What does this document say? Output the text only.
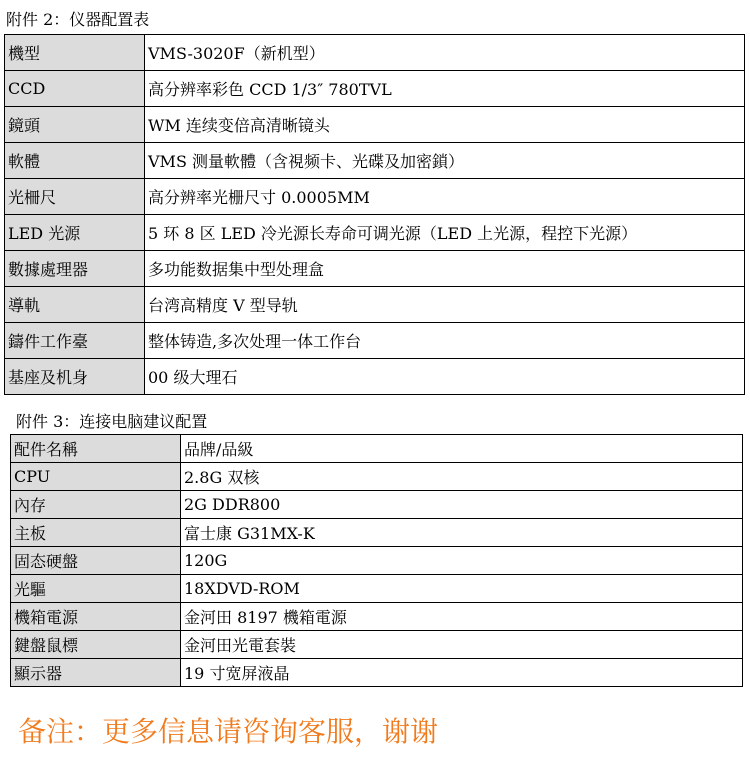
附件 2：仪器配置表
機型	VMS-3020F（新机型）
CCD	高分辨率彩色 CCD 1/3″ 780TVL
鏡頭	WM 连续变倍高清晰镜头
軟體	VMS 测量軟體（含視频卡、光碟及加密鎖）
光柵尺	高分辨率光栅尺寸 0.0005MM
LED 光源	5 环 8 区 LED 冷光源长寿命可调光源（LED 上光源，程控下光源）
數據處理器	多功能数据集中型处理盒
導軌	台湾高精度 V 型导轨
鑄件工作臺	整体铸造,多次处理一体工作台
基座及机身	00 级大理石
附件 3：连接电脑建议配置
配件名稱	品牌/品級
CPU	2.8G 双核
內存	2G DDR800
主板	富士康 G31MX-K
固态硬盤	120G
光驅	18XDVD-ROM
機箱電源	金河田 8197 機箱電源
鍵盤鼠標	金河田光電套裝
顯示器	19 寸宽屏液晶
备注：更多信息请咨询客服，谢谢
